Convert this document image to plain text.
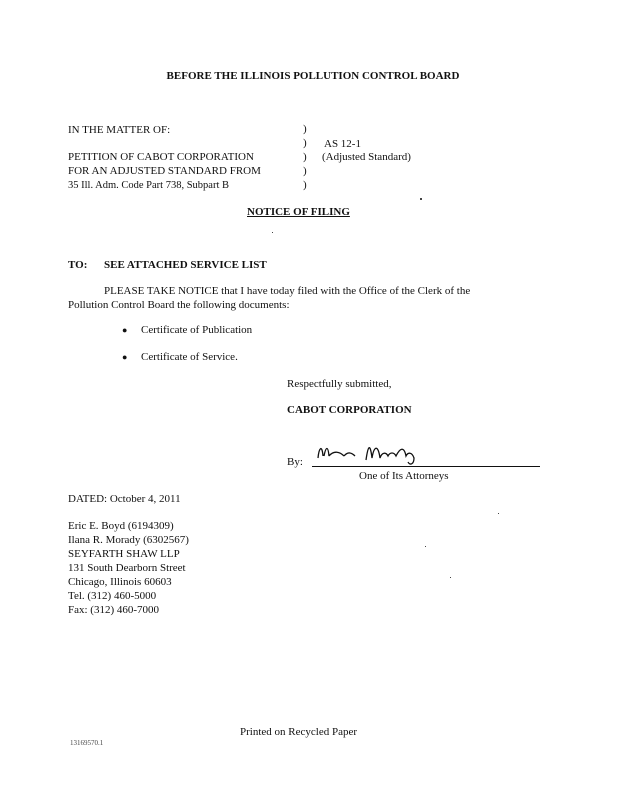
BEFORE THE ILLINOIS POLLUTION CONTROL BOARD
IN THE MATTER OF:
PETITION OF CABOT CORPORATION
FOR AN ADJUSTED STANDARD FROM
35 Ill. Adm. Code Part 738, Subpart B
)
)
)
)
)
AS 12-1
(Adjusted Standard)
NOTICE OF FILING
TO: SEE ATTACHED SERVICE LIST
PLEASE TAKE NOTICE that I have today filed with the Office of the Clerk of the
Pollution Control Board the following documents:
● Certificate of Publication
● Certificate of Service.
Respectfully submitted,
CABOT CORPORATION
By:
One of Its Attorneys
DATED: October 4, 2011
Eric E. Boyd (6194309)
Ilana R. Morady (6302567)
SEYFARTH SHAW LLP
131 South Dearborn Street
Chicago, Illinois 60603
Tel. (312) 460-5000
Fax: (312) 460-7000
Printed on Recycled Paper
13169570.1
